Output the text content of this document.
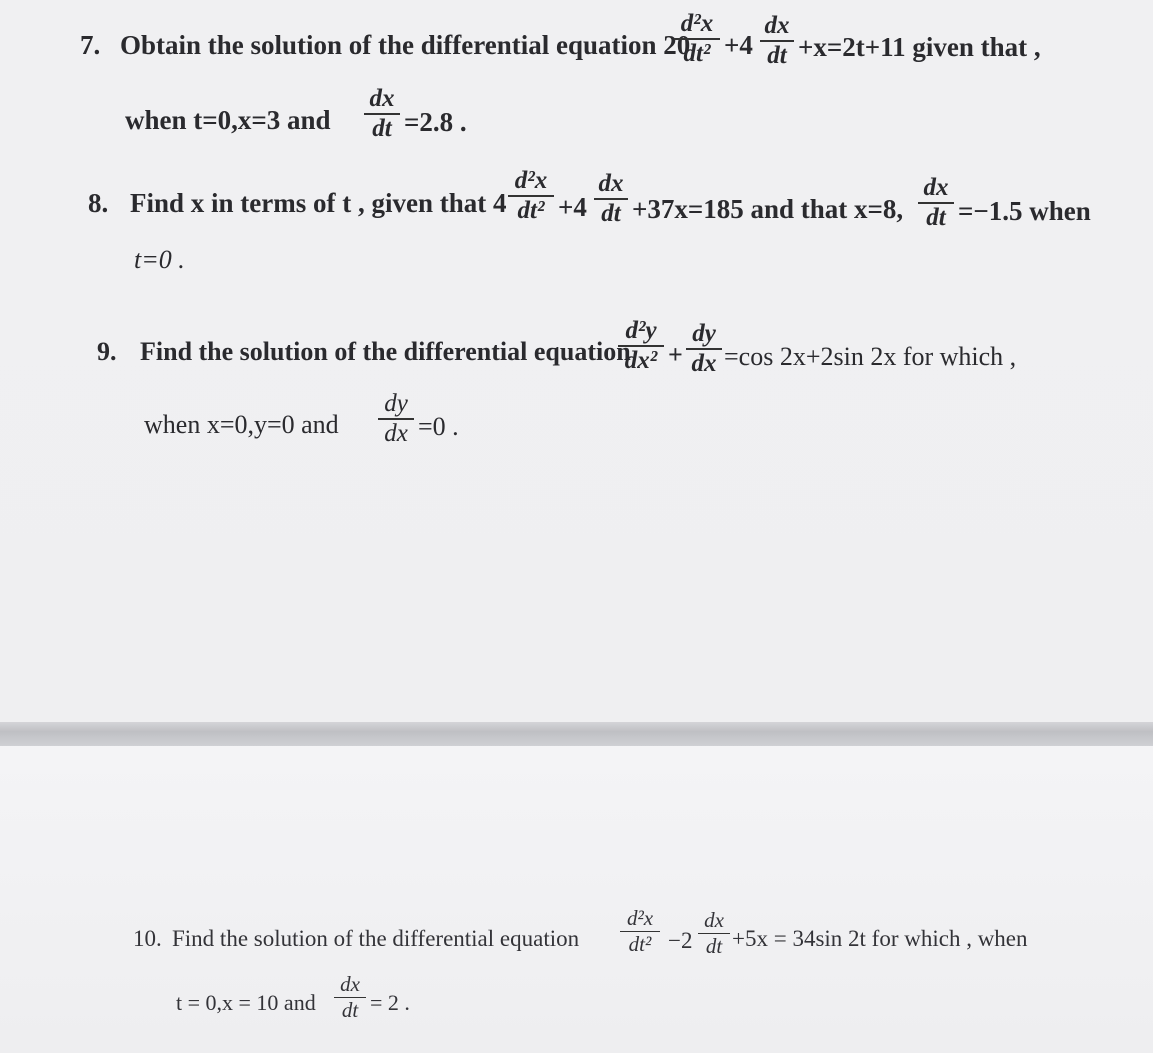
7. Obtain the solution of the differential equation 20
d²x
dt² +4
dx
dt +x=2t+11 given that ,
when t=0,x=3 and
dx
dt =2.8 .
8. Find x in terms of t , given that 4
d²x
dt² +4
dx
dt +37x=185 and that x=8,
dx
dt =−1.5 when
t=0 .
9. Find the solution of the differential equation
d²y
dx² +
dy
dx =cos 2x+2sin 2x for which ,
when x=0,y=0 and
dy
dx =0 .
10. Find the solution of the differential equation
d²x
dt² −2
dx
dt +5x = 34sin 2t for which , when
t = 0,x = 10 and
dx
dt = 2 .
